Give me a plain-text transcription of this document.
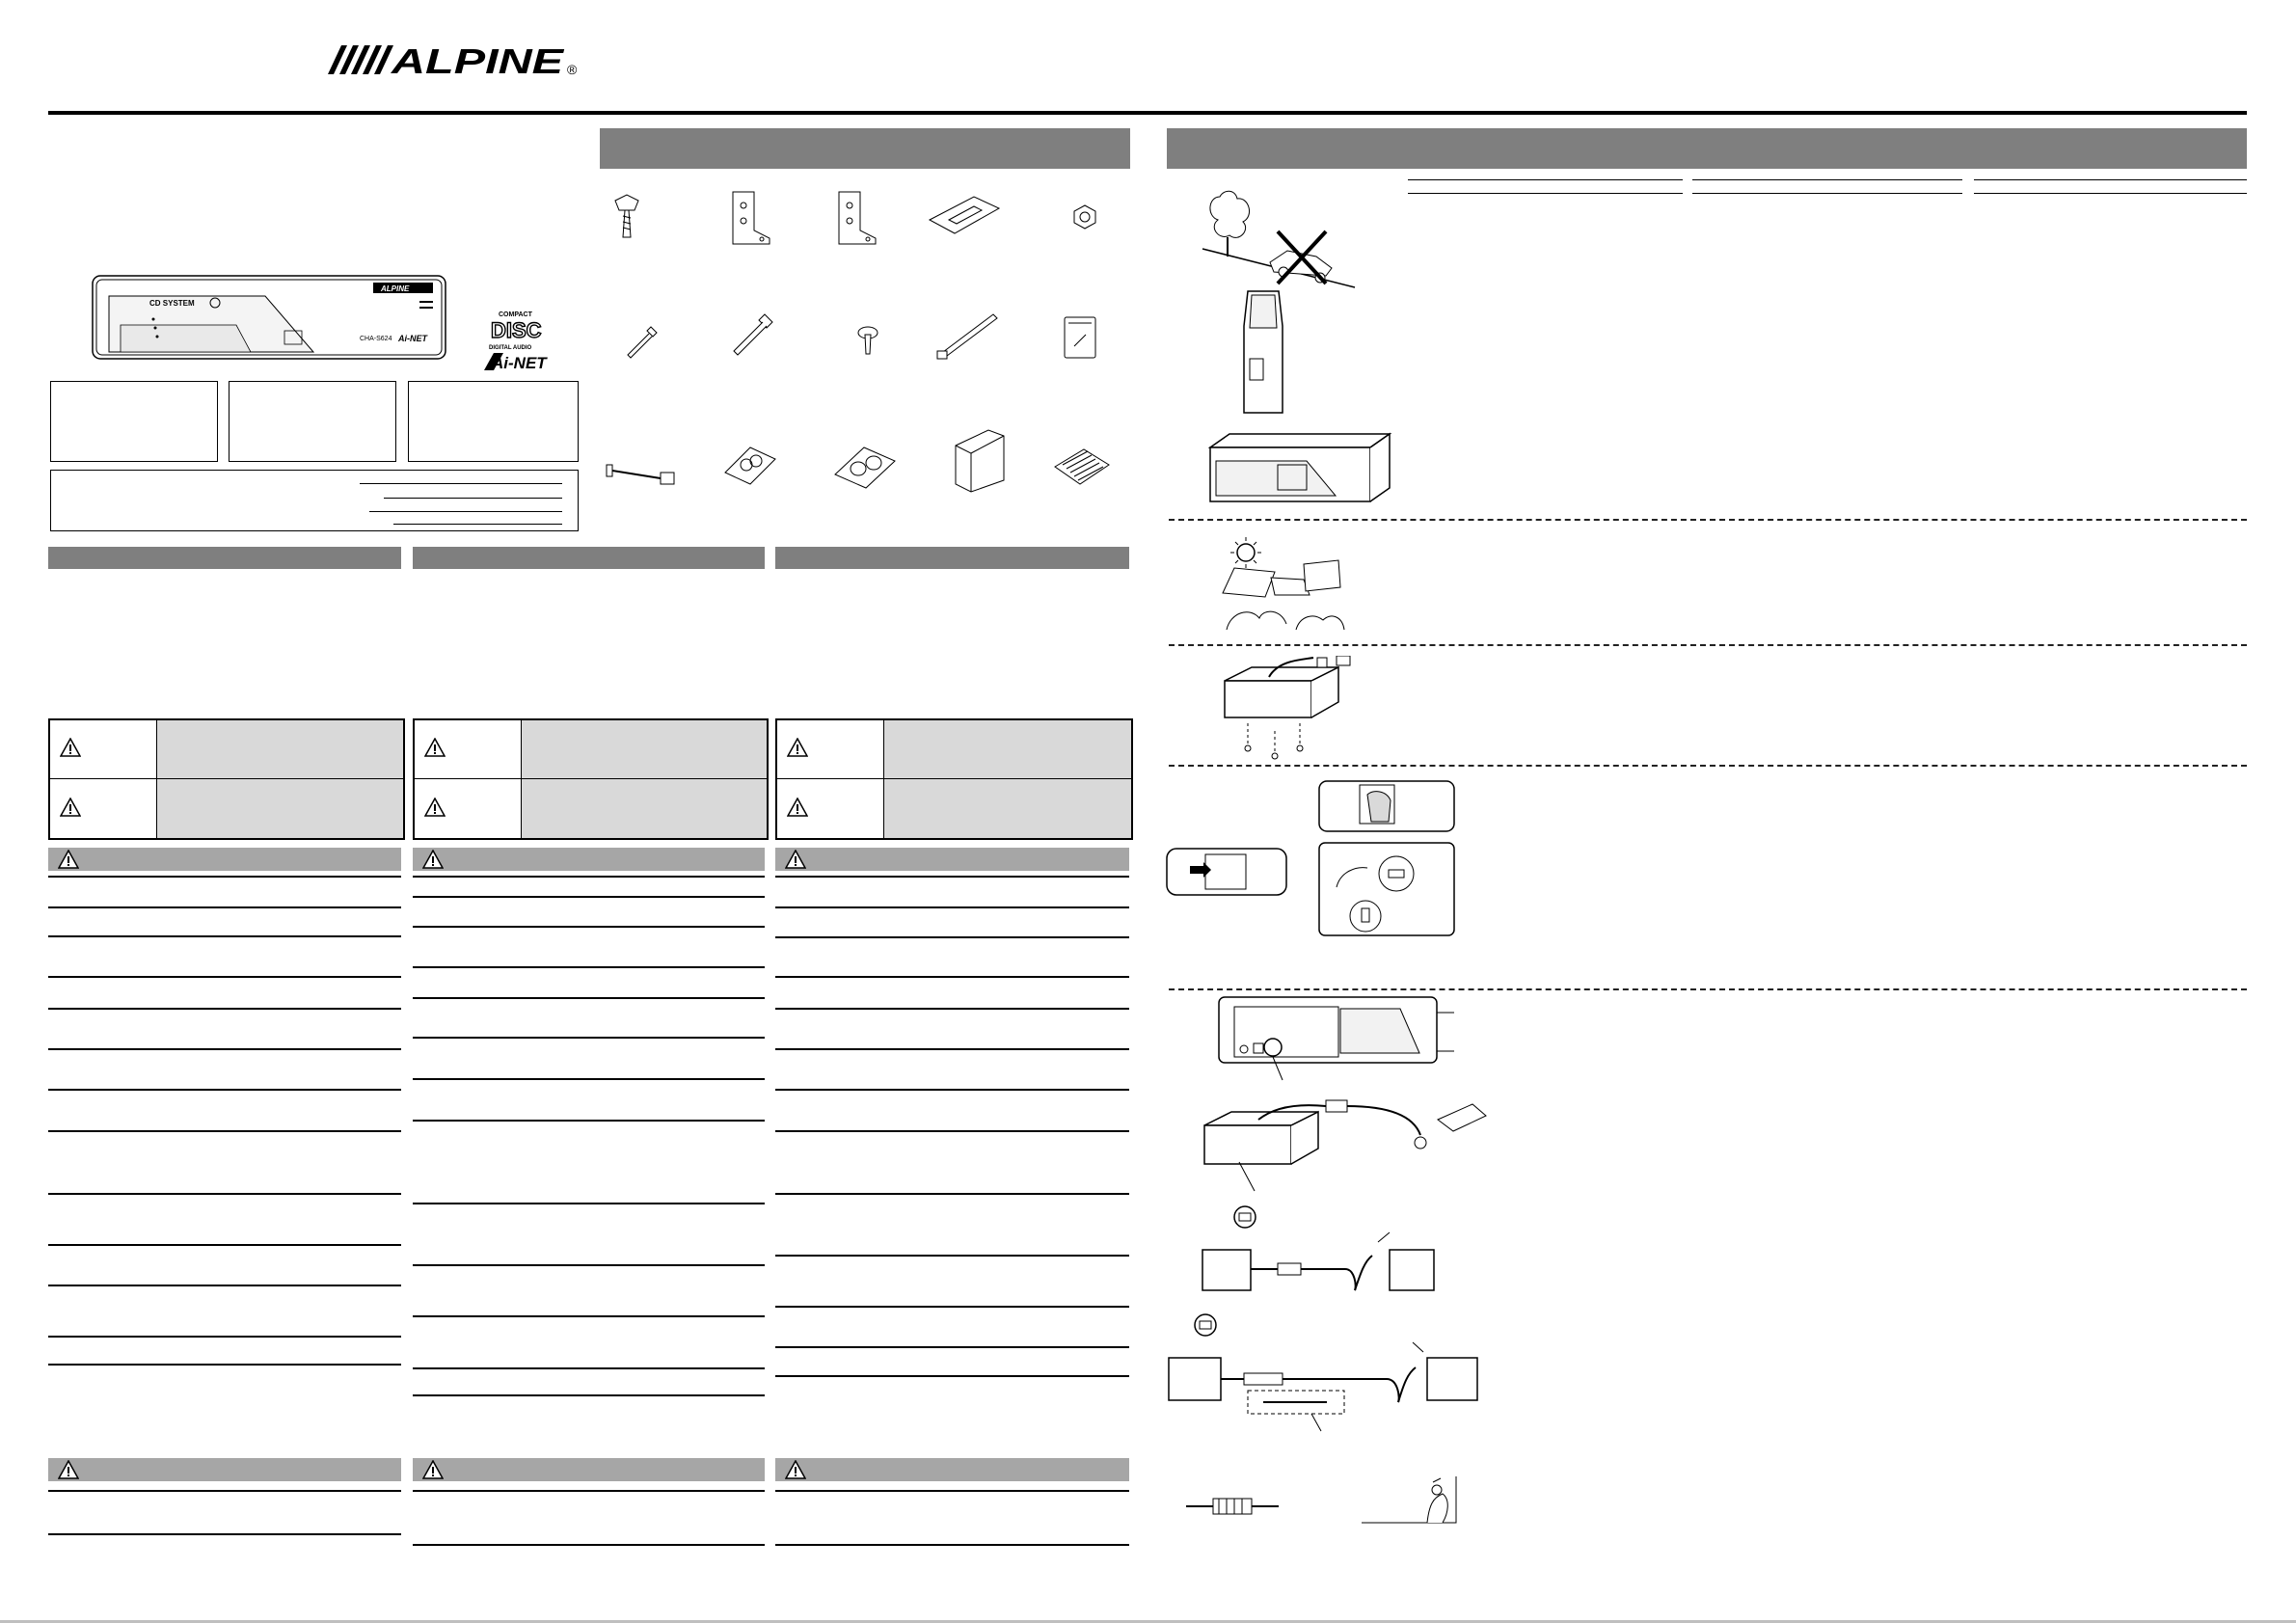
ALPINE ®
CD SYSTEM
ALPINE
CHA-S624 Ai-NET
COMPACT
DISC
DIGITAL AUDIO
Ai-NET
